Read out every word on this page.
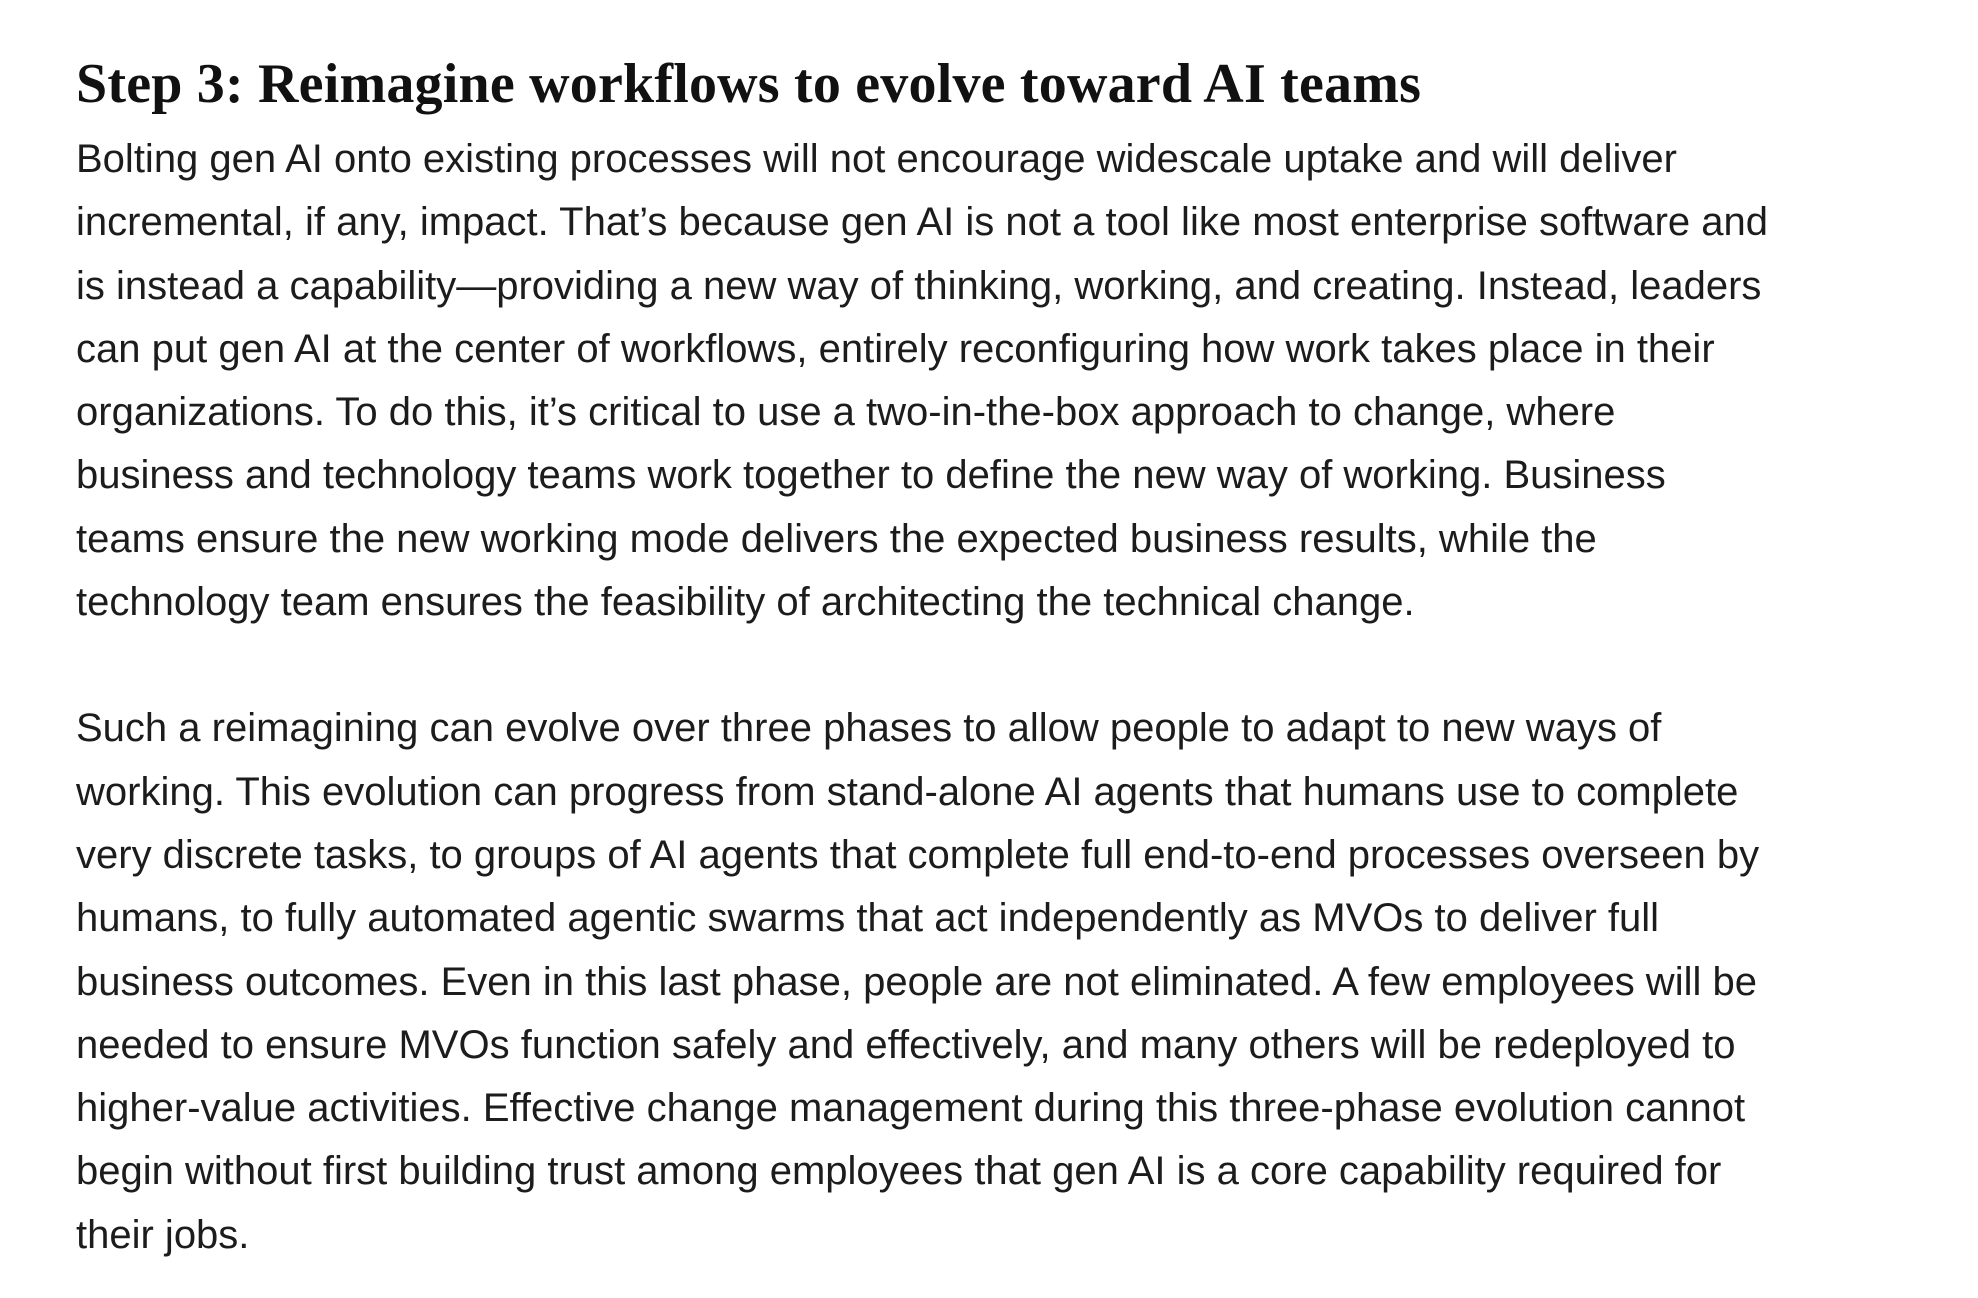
Step 3: Reimagine workflows to evolve toward AI teams

Bolting gen AI onto existing processes will not encourage widescale uptake and will deliver
incremental, if any, impact. That’s because gen AI is not a tool like most enterprise software and
is instead a capability—providing a new way of thinking, working, and creating. Instead, leaders
can put gen AI at the center of workflows, entirely reconfiguring how work takes place in their
organizations. To do this, it’s critical to use a two-in-the-box approach to change, where
business and technology teams work together to define the new way of working. Business
teams ensure the new working mode delivers the expected business results, while the
technology team ensures the feasibility of architecting the technical change.

Such a reimagining can evolve over three phases to allow people to adapt to new ways of
working. This evolution can progress from stand-alone AI agents that humans use to complete
very discrete tasks, to groups of AI agents that complete full end-to-end processes overseen by
humans, to fully automated agentic swarms that act independently as MVOs to deliver full
business outcomes. Even in this last phase, people are not eliminated. A few employees will be
needed to ensure MVOs function safely and effectively, and many others will be redeployed to
higher-value activities. Effective change management during this three-phase evolution cannot
begin without first building trust among employees that gen AI is a core capability required for
their jobs.
